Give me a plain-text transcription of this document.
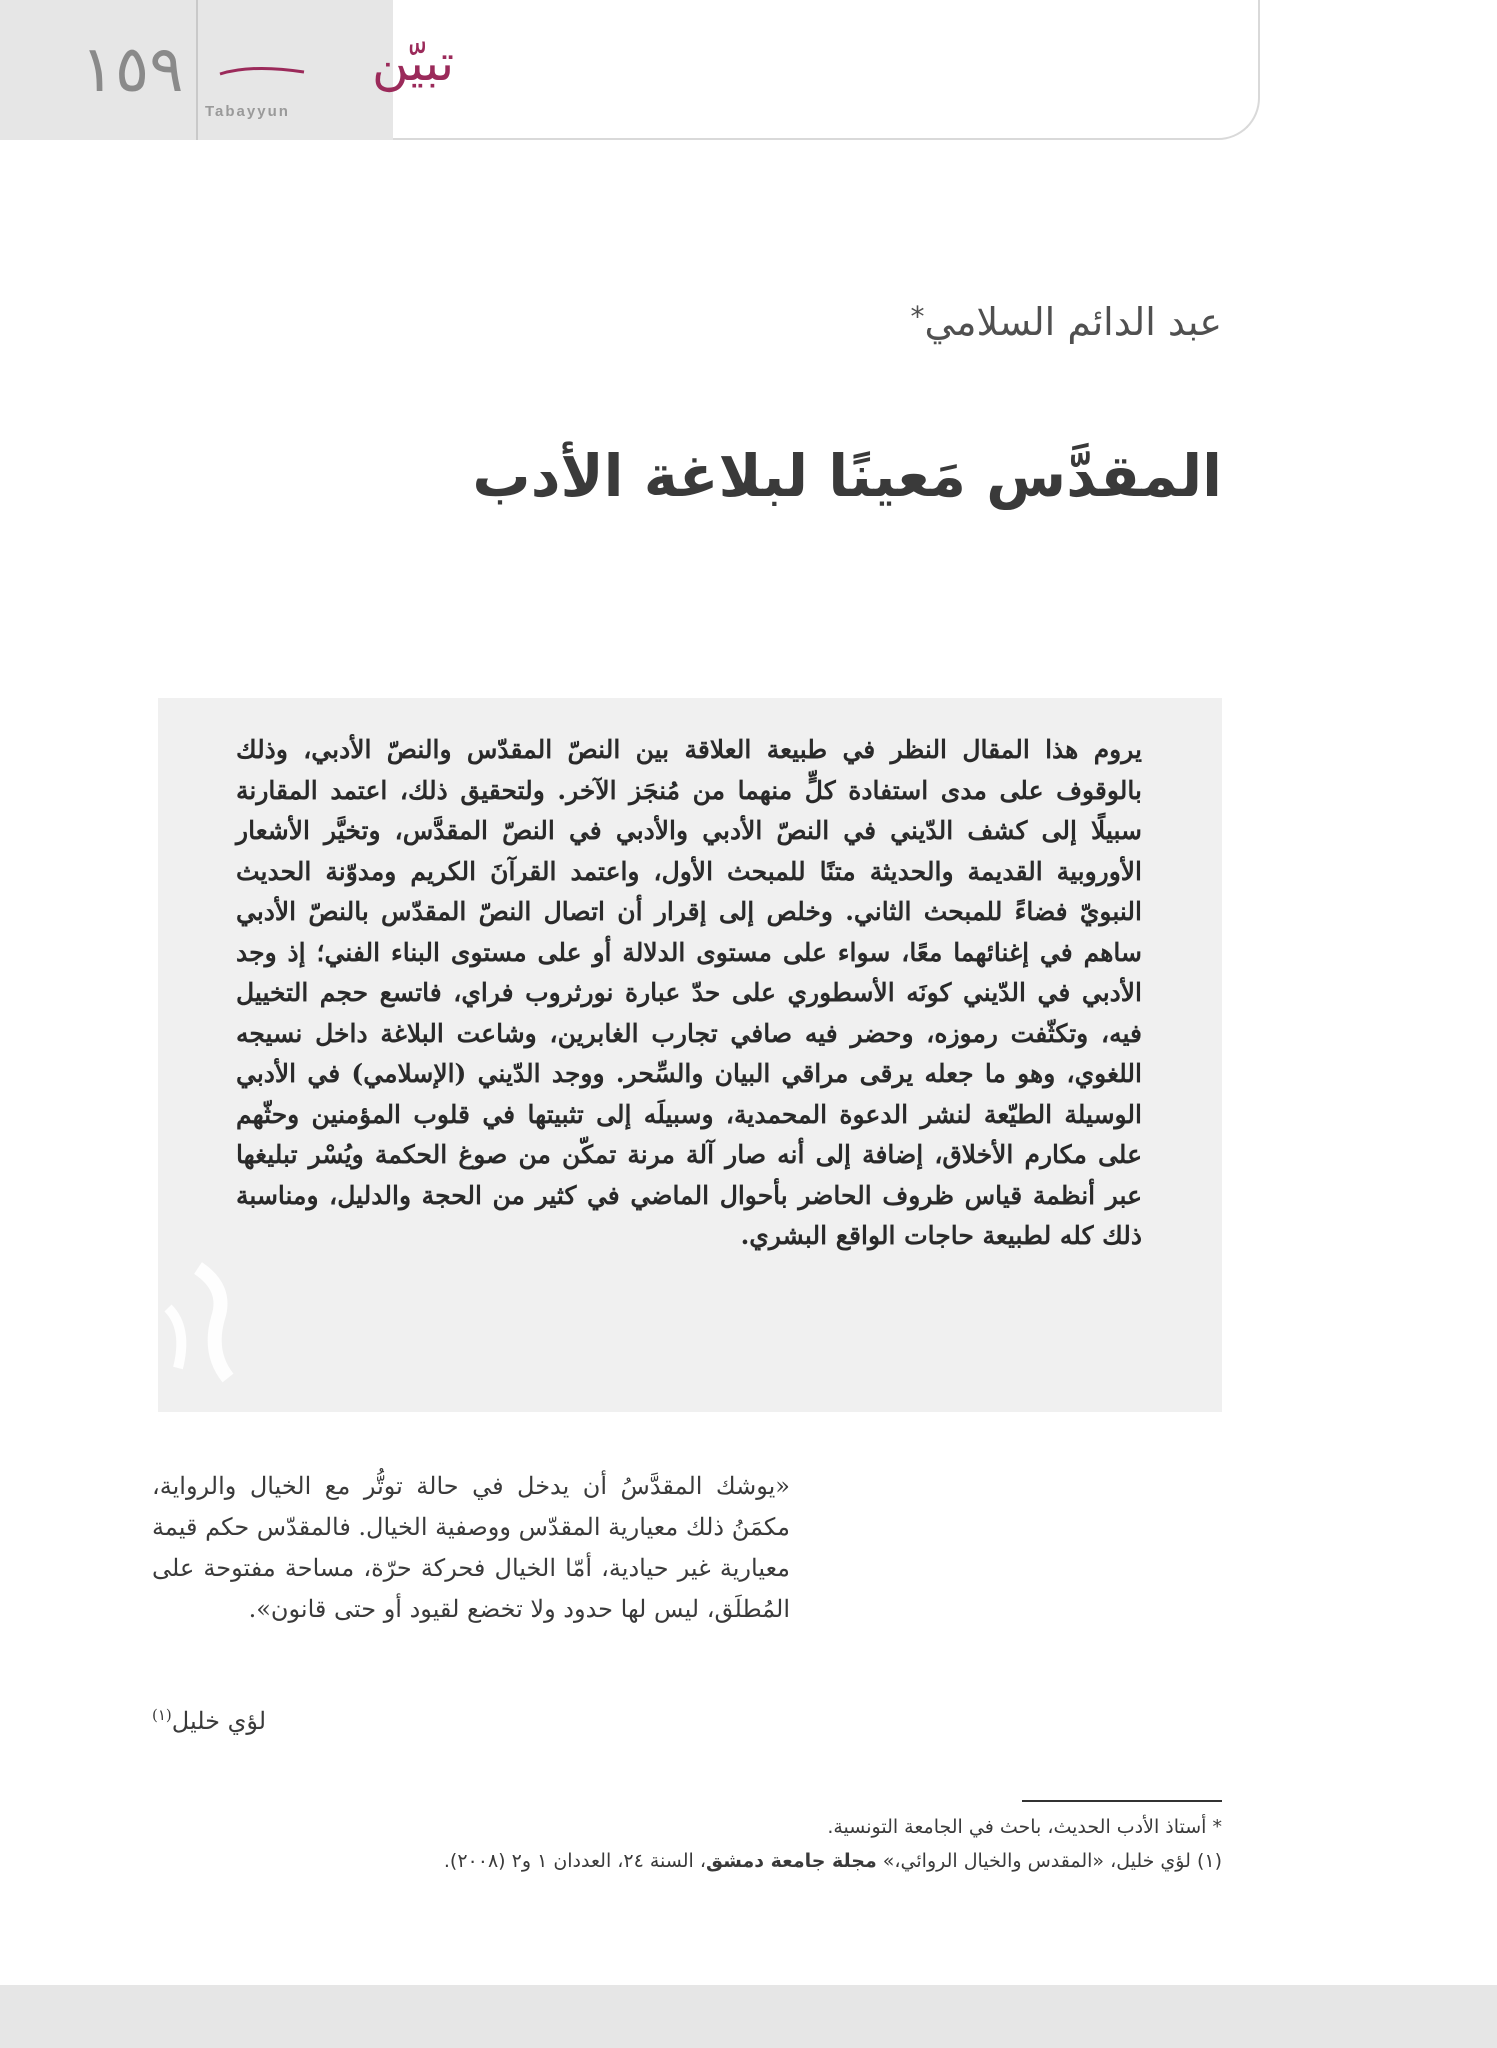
١٥٩	تبيّن
Tabayyun
عبد الدائم السلامي*
المقدَّس مَعينًا لبلاغة الأدب
يروم هذا المقال النظر في طبيعة العلاقة بين النصّ المقدّس والنصّ الأدبي، وذلك بالوقوف على مدى استفادة كلٍّ منهما من مُنجَز الآخر. ولتحقيق ذلك، اعتمد المقارنة سبيلًا إلى كشف الدّيني في النصّ الأدبي والأدبي في النصّ المقدَّس، وتخيَّر الأشعار الأوروبية القديمة والحديثة متنًا للمبحث الأول، واعتمد القرآنَ الكريم ومدوّنة الحديث النبويّ فضاءً للمبحث الثاني. وخلص إلى إقرار أن اتصال النصّ المقدّس بالنصّ الأدبي ساهم في إغنائهما معًا، سواء على مستوى الدلالة أو على مستوى البناء الفني؛ إذ وجد الأدبي في الدّيني كونَه الأسطوري على حدّ عبارة نورثروب فراي، فاتسع حجم التخييل فيه، وتكثّفت رموزه، وحضر فيه صافي تجارب الغابرين، وشاعت البلاغة داخل نسيجه اللغوي، وهو ما جعله يرقى مراقي البيان والسِّحر. ووجد الدّيني (الإسلامي) في الأدبي الوسيلة الطيّعة لنشر الدعوة المحمدية، وسبيلَه إلى تثبيتها في قلوب المؤمنين وحثّهم على مكارم الأخلاق، إضافة إلى أنه صار آلة مرنة تمكّن من صوغ الحكمة ويُسْر تبليغها عبر أنظمة قياس ظروف الحاضر بأحوال الماضي في كثير من الحجة والدليل، ومناسبة ذلك كله لطبيعة حاجات الواقع البشري.
«يوشك المقدَّسُ أن يدخل في حالة توتُّر مع الخيال والرواية، مكمَنُ ذلك معيارية المقدّس ووصفية الخيال. فالمقدّس حكم قيمة معيارية غير حيادية، أمّا الخيال فحركة حرّة، مساحة مفتوحة على المُطلَق، ليس لها حدود ولا تخضع لقيود أو حتى قانون».
لؤي خليل$^{(١)}$
* أستاذ الأدب الحديث، باحث في الجامعة التونسية.
(١) لؤي خليل، «المقدس والخيال الروائي،» مجلة جامعة دمشق، السنة ٢٤، العددان ١ و٢ (٢٠٠٨).
